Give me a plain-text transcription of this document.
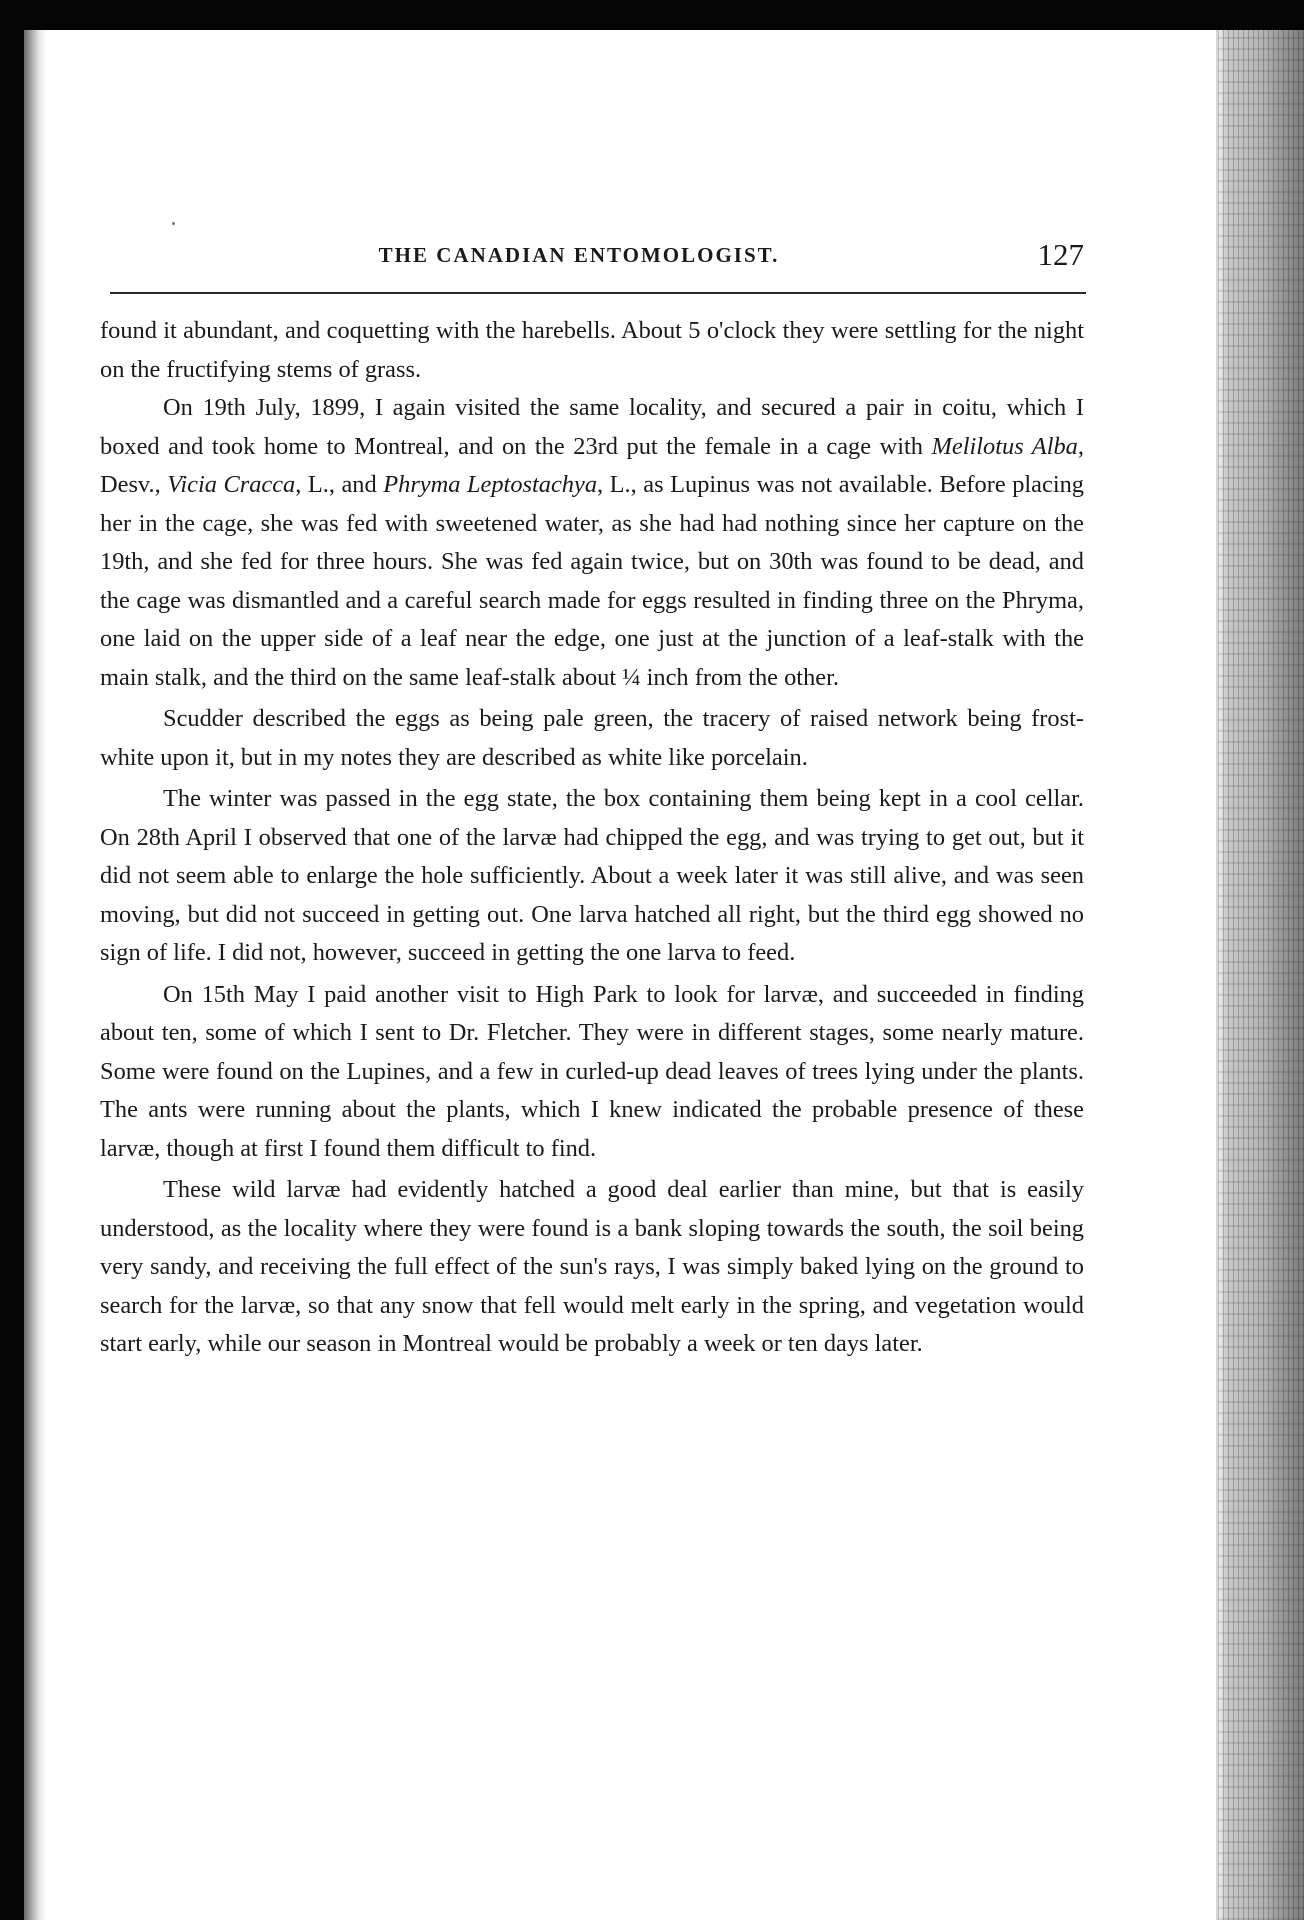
THE CANADIAN ENTOMOLOGIST.	127

found it abundant, and coquetting with the harebells. About 5 o'clock they were settling for the night on the fructifying stems of grass.

On 19th July, 1899, I again visited the same locality, and secured a pair in coitu, which I boxed and took home to Montreal, and on the 23rd put the female in a cage with Melilotus Alba, Desv., Vicia Cracca, L., and Phryma Leptostachya, L., as Lupinus was not available. Before placing her in the cage, she was fed with sweetened water, as she had had nothing since her capture on the 19th, and she fed for three hours. She was fed again twice, but on 30th was found to be dead, and the cage was dismantled and a careful search made for eggs resulted in finding three on the Phryma, one laid on the upper side of a leaf near the edge, one just at the junction of a leaf-stalk with the main stalk, and the third on the same leaf-stalk about ¼ inch from the other.

Scudder described the eggs as being pale green, the tracery of raised network being frost-white upon it, but in my notes they are described as white like porcelain.

The winter was passed in the egg state, the box containing them being kept in a cool cellar. On 28th April I observed that one of the larvæ had chipped the egg, and was trying to get out, but it did not seem able to enlarge the hole sufficiently. About a week later it was still alive, and was seen moving, but did not succeed in getting out. One larva hatched all right, but the third egg showed no sign of life. I did not, however, succeed in getting the one larva to feed.

On 15th May I paid another visit to High Park to look for larvæ, and succeeded in finding about ten, some of which I sent to Dr. Fletcher. They were in different stages, some nearly mature. Some were found on the Lupines, and a few in curled-up dead leaves of trees lying under the plants. The ants were running about the plants, which I knew indicated the probable presence of these larvæ, though at first I found them difficult to find.

These wild larvæ had evidently hatched a good deal earlier than mine, but that is easily understood, as the locality where they were found is a bank sloping towards the south, the soil being very sandy, and receiving the full effect of the sun's rays, I was simply baked lying on the ground to search for the larvæ, so that any snow that fell would melt early in the spring, and vegetation would start early, while our season in Montreal would be probably a week or ten days later.
